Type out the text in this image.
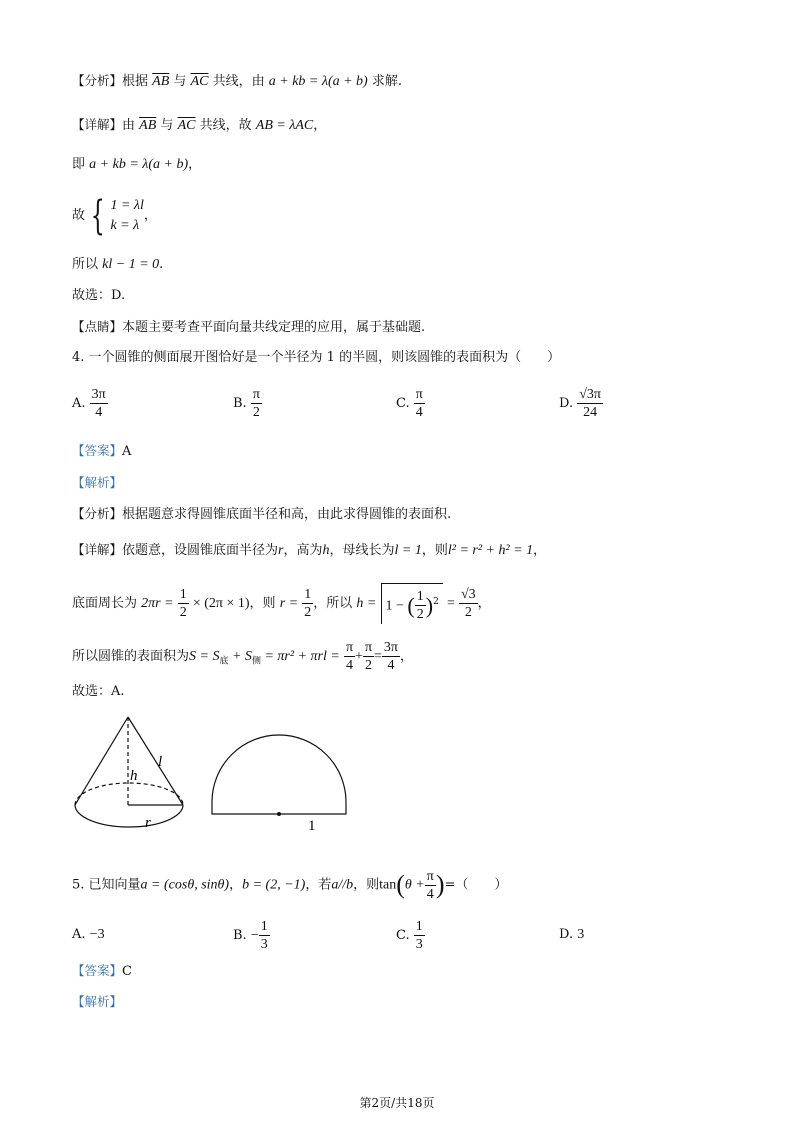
【分析】根据 $\overline{AB}$ 与 $\overline{AC}$ 共线，由 a + kb = λ(a + b) 求解.
【详解】由 $\overline{AB}$ 与 $\overline{AC}$ 共线，故 AB = λAC，
即 a + kb = λ(a + b)，
故 { 1 = λl
k = λ
，
所以 kl − 1 = 0.
故选：D.
【点睛】本题主要考查平面向量共线定理的应用，属于基础题.
4. 一个圆锥的侧面展开图恰好是一个半径为 1 的半圆，则该圆锥的表面积为（　　）
A. $\frac{3\pi}{4}$	B. $\frac{\pi}{2}$	C. $\frac{\pi}{4}$	D. $\frac{√3\pi}{24}$
【答案】A
【解析】
【分析】根据题意求得圆锥底面半径和高，由此求得圆锥的表面积.
【详解】依题意，设圆锥底面半径为r，高为h，母线长为l = 1，则l² = r² + h² = 1，
底面周长为 $2\pi r = \frac{1}{2} \times (2\pi \times 1)$，则 $r = \frac{1}{2}$ ，所以 h = 1 − ( $\frac{1}{2} )^2 = \frac{√3}{2}$ ，
所以圆锥的表面积为$S = S_底 + S_侧 = \pi r^2 + \pi rl = \frac{\pi}{4} + \frac{\pi}{2} = \frac{3\pi}{4}$ ，
故选：A.
l
h
r	1
5. 已知向量a = (cosθ, sinθ)，b = (2, −1)，若a//b，则$\tan(\theta + \frac{\pi}{4}$ )=（　　）
A. −3	B. − $\frac{1}{3}$	C. $\frac{1}{3}$	D. 3
【答案】C
【解析】
第2页/共18页
